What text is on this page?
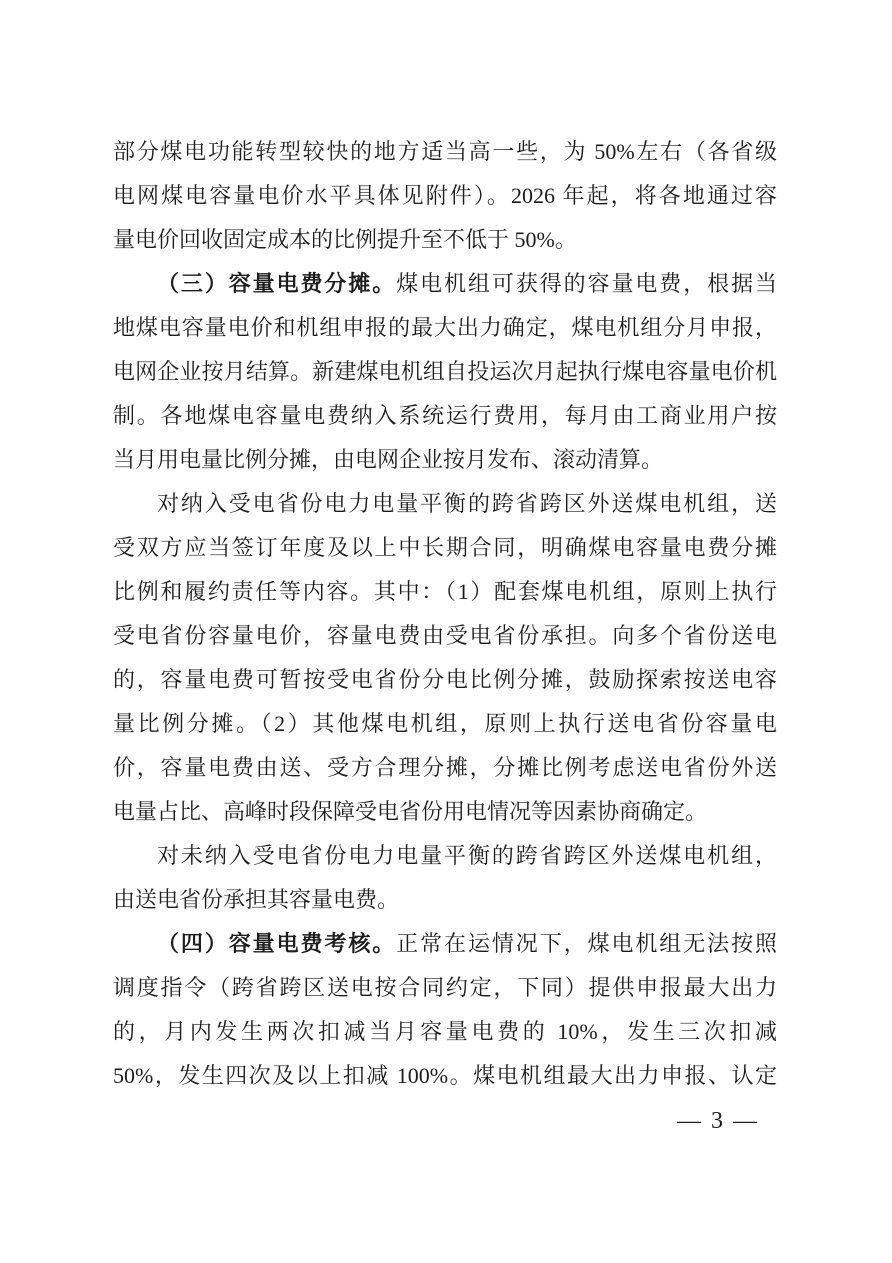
部分煤电功能转型较快的地方适当高一些，为 50%左右（各省级
电网煤电容量电价水平具体见附件）。2026 年起，将各地通过容
量电价回收固定成本的比例提升至不低于 50%。
（三）容量电费分摊。煤电机组可获得的容量电费，根据当
地煤电容量电价和机组申报的最大出力确定，煤电机组分月申报，
电网企业按月结算。新建煤电机组自投运次月起执行煤电容量电价机
制。各地煤电容量电费纳入系统运行费用，每月由工商业用户按
当月用电量比例分摊，由电网企业按月发布、滚动清算。
对纳入受电省份电力电量平衡的跨省跨区外送煤电机组，送
受双方应当签订年度及以上中长期合同，明确煤电容量电费分摊
比例和履约责任等内容。其中：（1）配套煤电机组，原则上执行
受电省份容量电价，容量电费由受电省份承担。向多个省份送电
的，容量电费可暂按受电省份分电比例分摊，鼓励探索按送电容
量比例分摊。（2）其他煤电机组，原则上执行送电省份容量电
价，容量电费由送、受方合理分摊，分摊比例考虑送电省份外送
电量占比、高峰时段保障受电省份用电情况等因素协商确定。
对未纳入受电省份电力电量平衡的跨省跨区外送煤电机组，
由送电省份承担其容量电费。
（四）容量电费考核。正常在运情况下，煤电机组无法按照
调度指令（跨省跨区送电按合同约定，下同）提供申报最大出力
的，月内发生两次扣减当月容量电费的 10%，发生三次扣减
50%，发生四次及以上扣减 100%。煤电机组最大出力申报、认定
— 3 —
